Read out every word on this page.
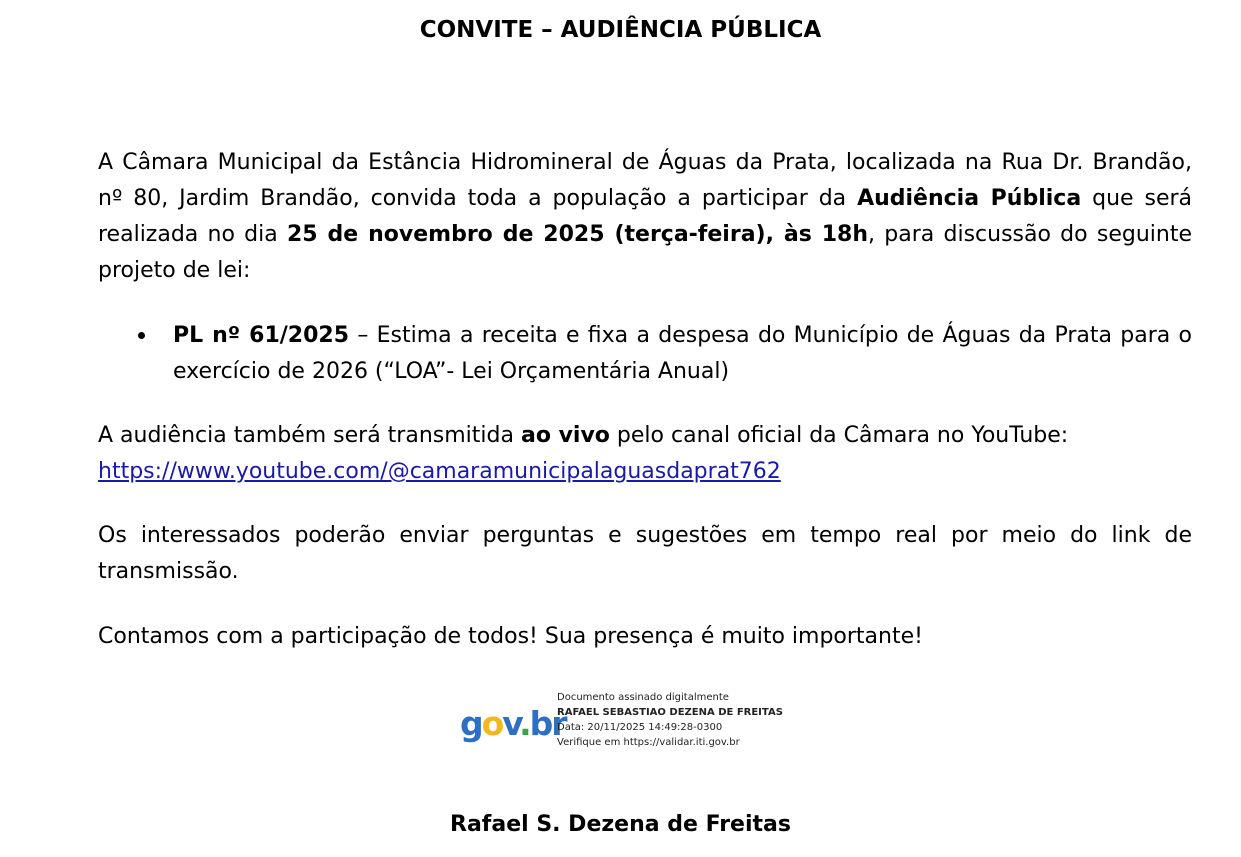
CONVITE – AUDIÊNCIA PÚBLICA
A Câmara Municipal da Estância Hidromineral de Águas da Prata, localizada na Rua Dr. Brandão, nº 80, Jardim Brandão, convida toda a população a participar da Audiência Pública que será realizada no dia 25 de novembro de 2025 (terça-feira), às 18h, para discussão do seguinte projeto de lei:
PL nº 61/2025 – Estima a receita e fixa a despesa do Município de Águas da Prata para o exercício de 2026 (“LOA”- Lei Orçamentária Anual)
A audiência também será transmitida ao vivo pelo canal oficial da Câmara no YouTube:
https://www.youtube.com/@camaramunicipalaguasdaprat762
Os interessados poderão enviar perguntas e sugestões em tempo real por meio do link de transmissão.
Contamos com a participação de todos! Sua presença é muito importante!
gov.br
Documento assinado digitalmente
RAFAEL SEBASTIAO DEZENA DE FREITAS
Data: 20/11/2025 14:49:28-0300
Verifique em https://validar.iti.gov.br
Rafael S. Dezena de Freitas
